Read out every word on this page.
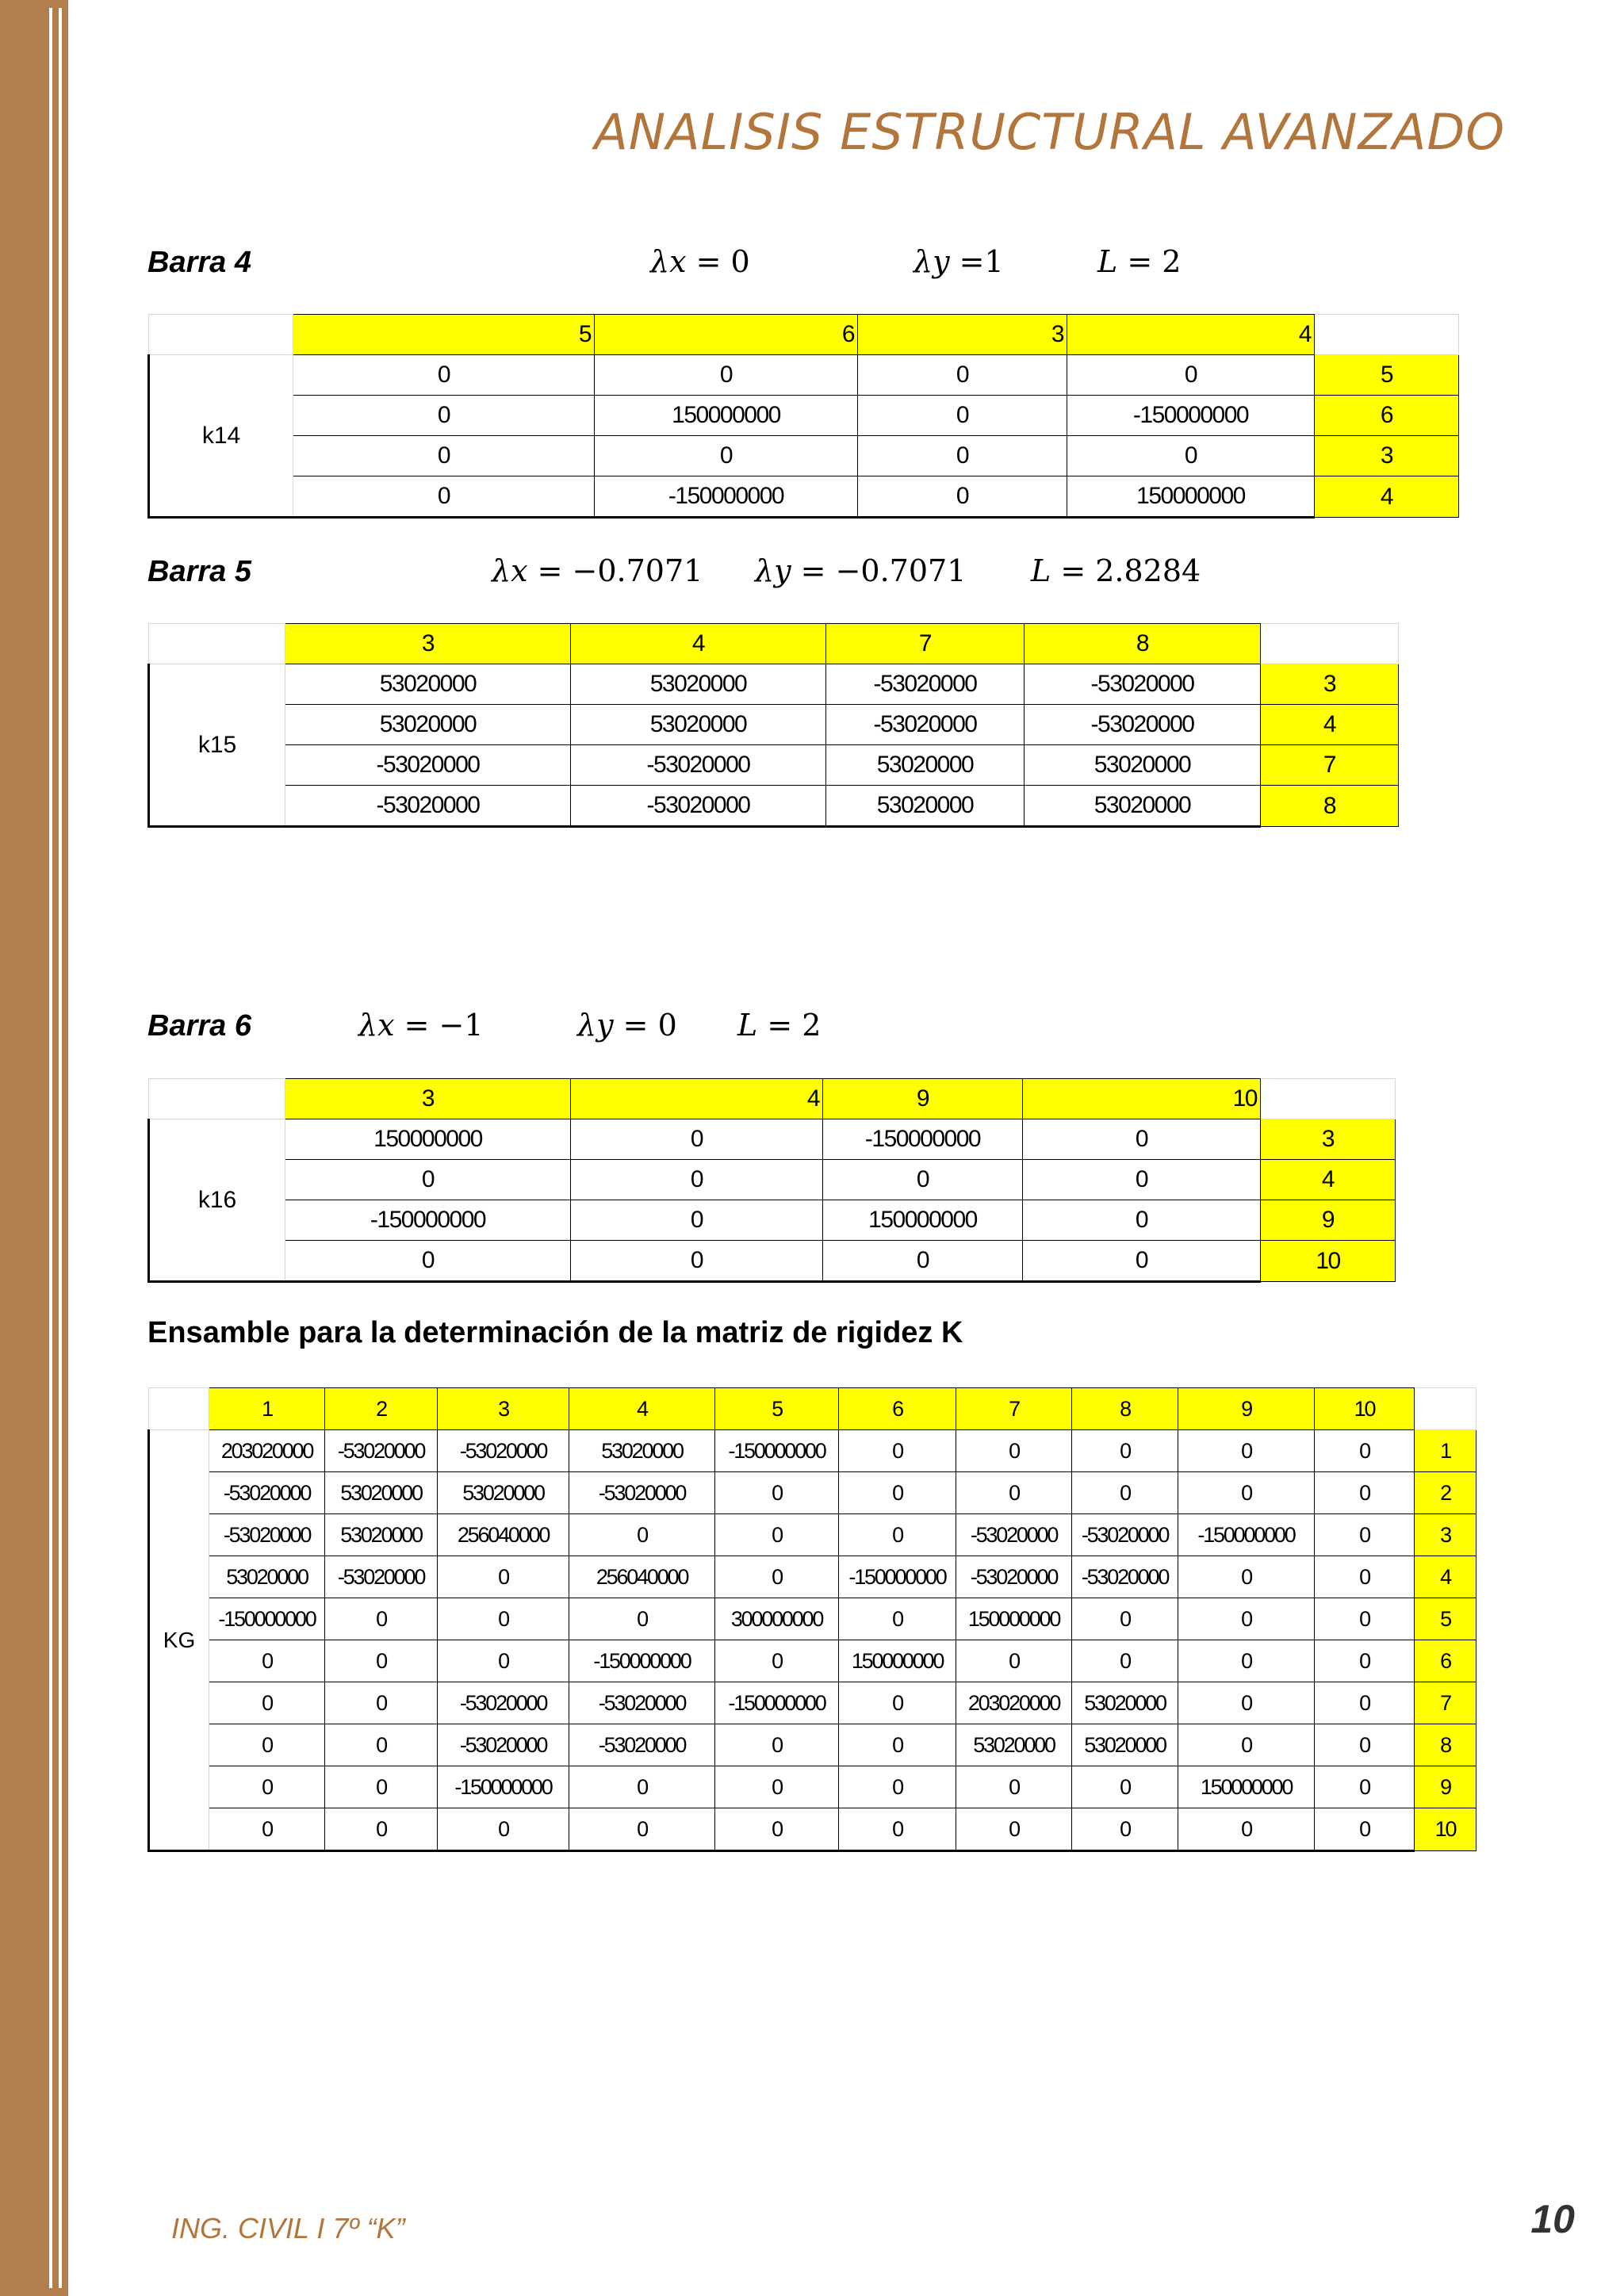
ANALISIS ESTRUCTURAL AVANZADO
Barra 4	λx = 0	λy =1	L = 2
	5	6	3	4	
k14	0	0	0	0	5
	0	150000000	0	-150000000	6
	0	0	0	0	3
	0	-150000000	0	150000000	4
Barra 5	λx = −0.7071 λy = −0.7071 L = 2.8284
	3	4	7	8	
k15	53020000	53020000	-53020000	-53020000	3
	53020000	53020000	-53020000	-53020000	4
	-53020000	-53020000	53020000	53020000	7
	-53020000	-53020000	53020000	53020000	8
Barra 6	λx = −1	λy = 0 L = 2
	3	4	9	10	
k16	150000000	0	-150000000	0	3
	0	0	0	0	4
	-150000000	0	150000000	0	9
	0	0	0	0	10
Ensamble para la determinación de la matriz de rigidez K
	1	2	3	4	5	6	7	8	9	10	
KG	203020000	-53020000	-53020000	53020000	-150000000	0	0	0	0	0	1
	-53020000	53020000	53020000	-53020000	0	0	0	0	0	0	2
	-53020000	53020000	256040000	0	0	0	-53020000	-53020000	-150000000	0	3
	53020000	-53020000	0	256040000	0	-150000000	-53020000	-53020000	0	0	4
	-150000000	0	0	0	300000000	0	150000000	0	0	0	5
	0	0	0	-150000000	0	150000000	0	0	0	0	6
	0	0	-53020000	-53020000	-150000000	0	203020000	53020000	0	0	7
	0	0	-53020000	-53020000	0	0	53020000	53020000	0	0	8
	0	0	-150000000	0	0	0	0	0	150000000	0	9
	0	0	0	0	0	0	0	0	0	0	10
ING. CIVIL I 7º “K”	10
